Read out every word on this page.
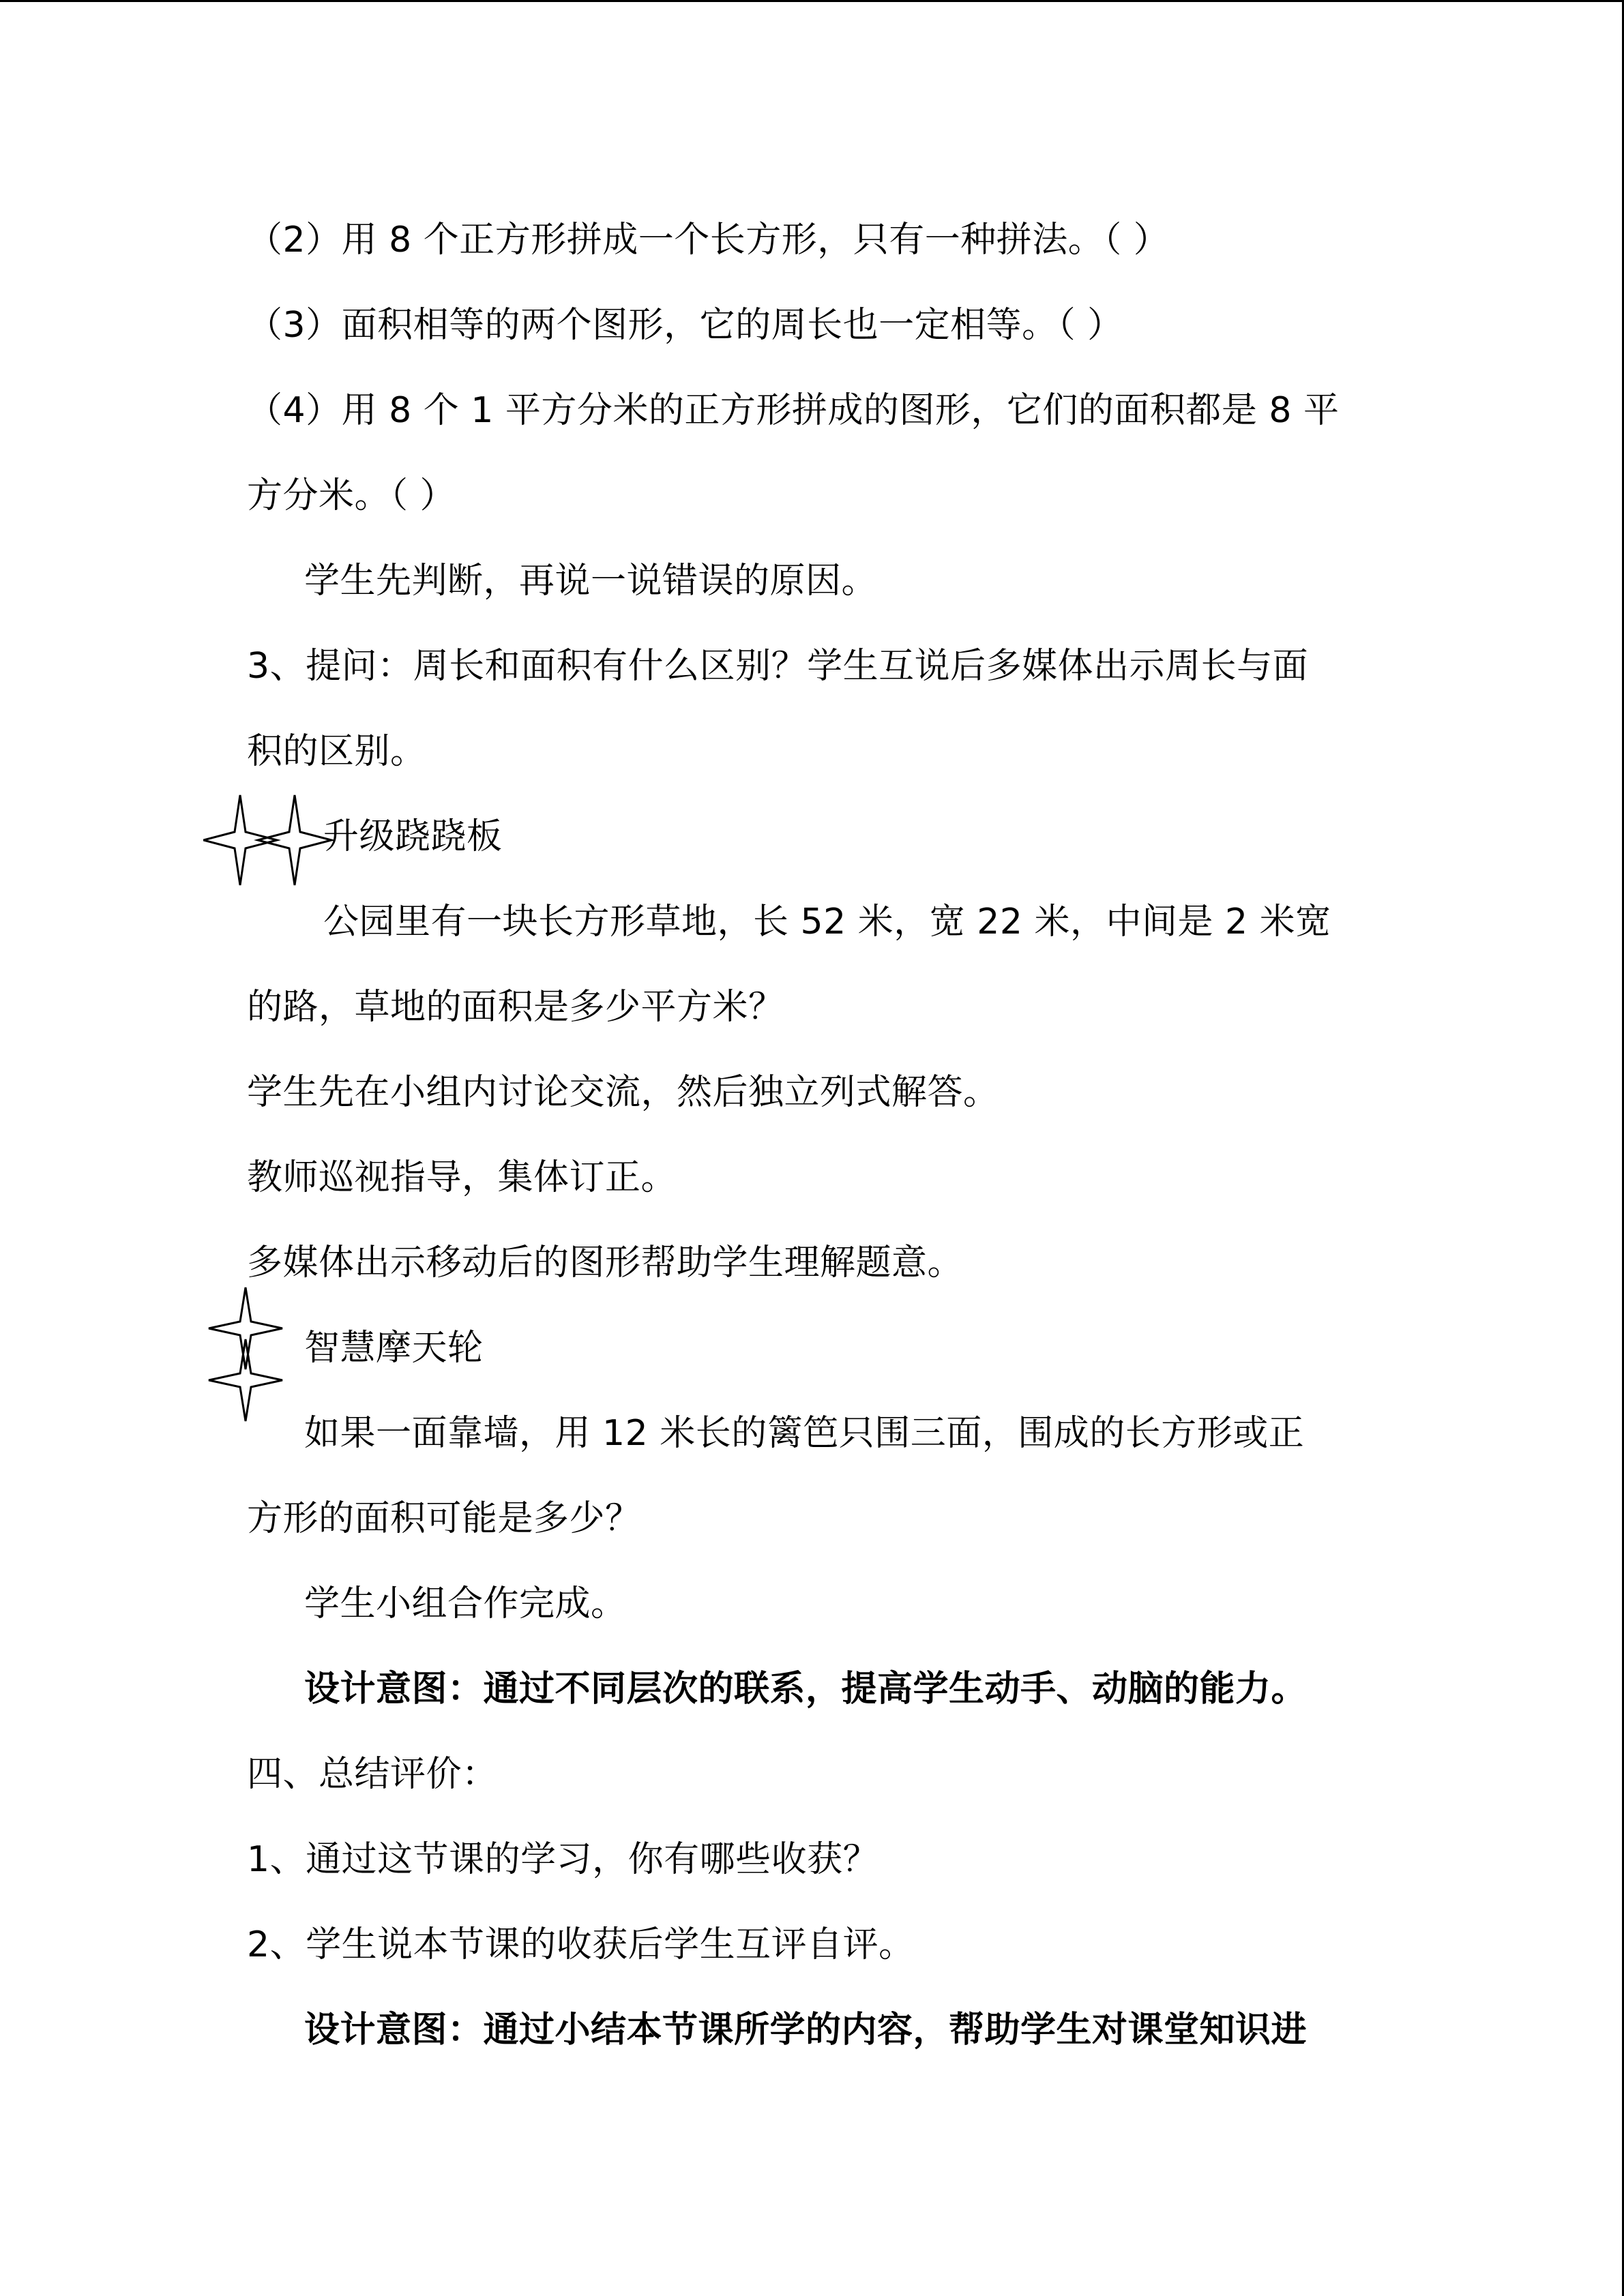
（2）用 8 个正方形拼成一个长方形，只有一种拼法。（ ）
（3）面积相等的两个图形，它的周长也一定相等。（ ）
（4）用 8 个 1 平方分米的正方形拼成的图形，它们的面积都是 8 平
方分米。（ ）
学生先判断，再说一说错误的原因。
3、提问：周长和面积有什么区别？学生互说后多媒体出示周长与面
积的区别。
升级跷跷板
公园里有一块长方形草地，长 52 米，宽 22 米，中间是 2 米宽
的路，草地的面积是多少平方米？
学生先在小组内讨论交流，然后独立列式解答。
教师巡视指导，集体订正。
多媒体出示移动后的图形帮助学生理解题意。
智慧摩天轮
如果一面靠墙，用 12 米长的篱笆只围三面，围成的长方形或正
方形的面积可能是多少？
学生小组合作完成。
设计意图：通过不同层次的联系，提高学生动手、动脑的能力。
四、总结评价：
1、通过这节课的学习，你有哪些收获？
2、学生说本节课的收获后学生互评自评。
设计意图：通过小结本节课所学的内容，帮助学生对课堂知识进
